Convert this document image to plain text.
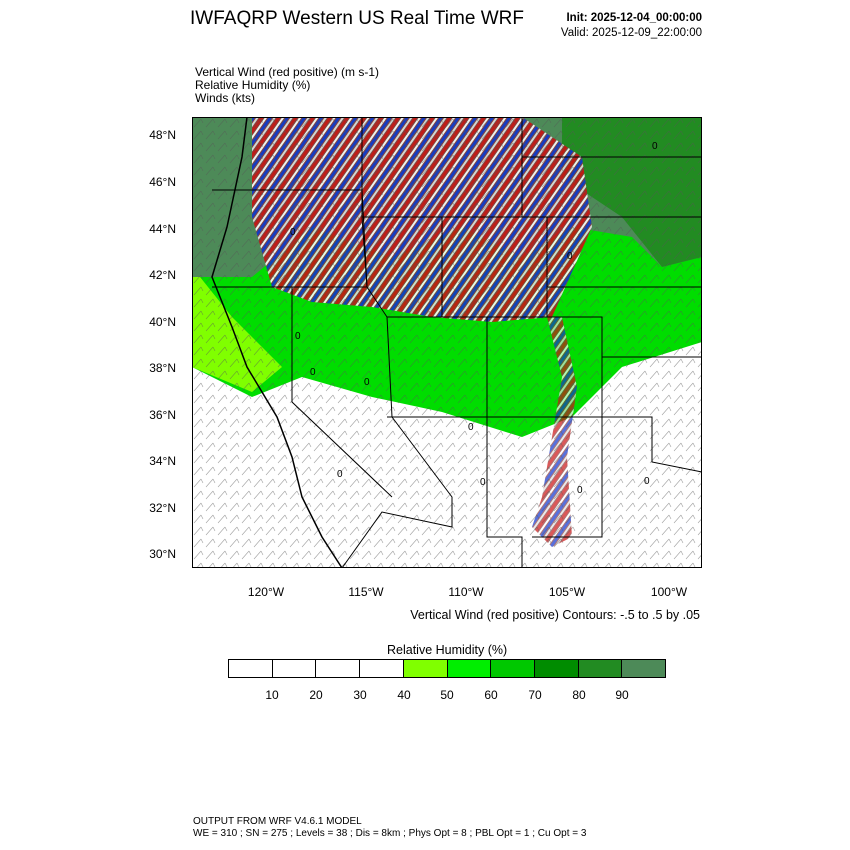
IWFAQRP Western US Real Time WRF	Init: 2025-12-04_00:00:00
Valid: 2025-12-09_22:00:00
Vertical Wind (red positive) (m s-1)
Relative Humidity (%)
Winds (kts)
0
0
0
0
0
0
0
0
0
0
0
48°N
46°N
44°N
42°N
40°N
38°N
36°N
34°N
32°N
30°N
120°W	115°W	110°W	105°W	100°W
Vertical Wind (red positive) Contours: -.5 to .5 by .05
Relative Humidity (%)
10	20	30	40	50	60	70	80	90
OUTPUT FROM WRF V4.6.1 MODEL
WE = 310 ; SN = 275 ; Levels = 38 ; Dis = 8km ; Phys Opt = 8 ; PBL Opt = 1 ; Cu Opt = 3
